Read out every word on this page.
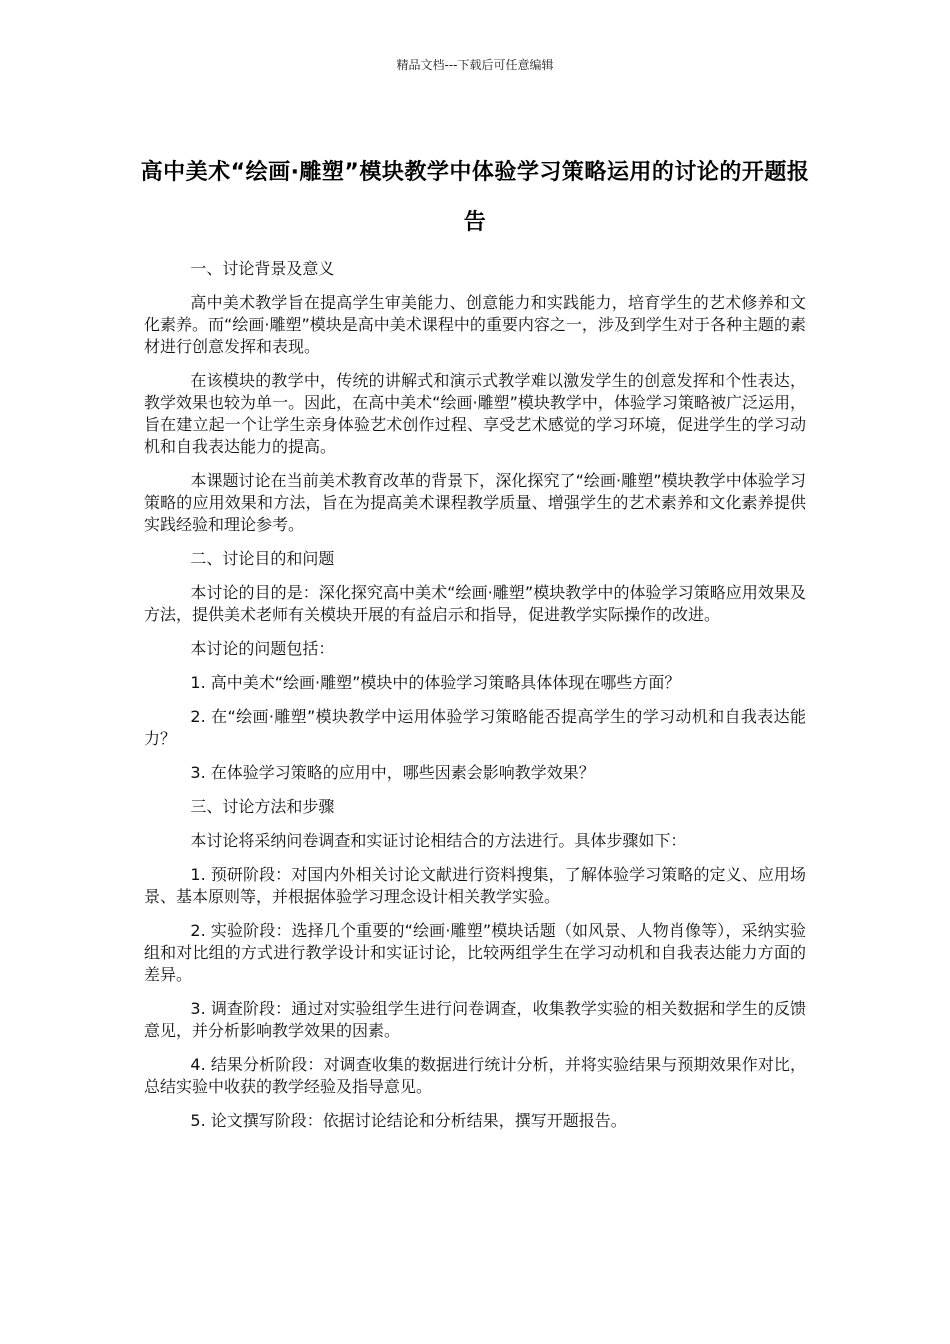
精品文档---下载后可任意编辑
高中美术“绘画·雕塑”模块教学中体验学习策略运用的讨论的开题报告

一、讨论背景及意义

高中美术教学旨在提高学生审美能力、创意能力和实践能力，培育学生的艺术修养和文化素养。而“绘画·雕塑”模块是高中美术课程中的重要内容之一，涉及到学生对于各种主题的素材进行创意发挥和表现。

在该模块的教学中，传统的讲解式和演示式教学难以激发学生的创意发挥和个性表达，教学效果也较为单一。因此，在高中美术“绘画·雕塑”模块教学中，体验学习策略被广泛运用，旨在建立起一个让学生亲身体验艺术创作过程、享受艺术感觉的学习环境，促进学生的学习动机和自我表达能力的提高。

本课题讨论在当前美术教育改革的背景下，深化探究了“绘画·雕塑”模块教学中体验学习策略的应用效果和方法，旨在为提高美术课程教学质量、增强学生的艺术素养和文化素养提供实践经验和理论参考。

二、讨论目的和问题

本讨论的目的是：深化探究高中美术“绘画·雕塑”模块教学中的体验学习策略应用效果及方法，提供美术老师有关模块开展的有益启示和指导，促进教学实际操作的改进。

本讨论的问题包括：

1. 高中美术“绘画·雕塑”模块中的体验学习策略具体体现在哪些方面？

2. 在“绘画·雕塑”模块教学中运用体验学习策略能否提高学生的学习动机和自我表达能力？

3. 在体验学习策略的应用中，哪些因素会影响教学效果？

三、讨论方法和步骤

本讨论将采纳问卷调查和实证讨论相结合的方法进行。具体步骤如下：

1. 预研阶段：对国内外相关讨论文献进行资料搜集，了解体验学习策略的定义、应用场景、基本原则等，并根据体验学习理念设计相关教学实验。

2. 实验阶段：选择几个重要的“绘画·雕塑”模块话题（如风景、人物肖像等），采纳实验组和对比组的方式进行教学设计和实证讨论，比较两组学生在学习动机和自我表达能力方面的差异。

3. 调查阶段：通过对实验组学生进行问卷调查，收集教学实验的相关数据和学生的反馈意见，并分析影响教学效果的因素。

4. 结果分析阶段：对调查收集的数据进行统计分析，并将实验结果与预期效果作对比，总结实验中收获的教学经验及指导意见。

5. 论文撰写阶段：依据讨论结论和分析结果，撰写开题报告。
